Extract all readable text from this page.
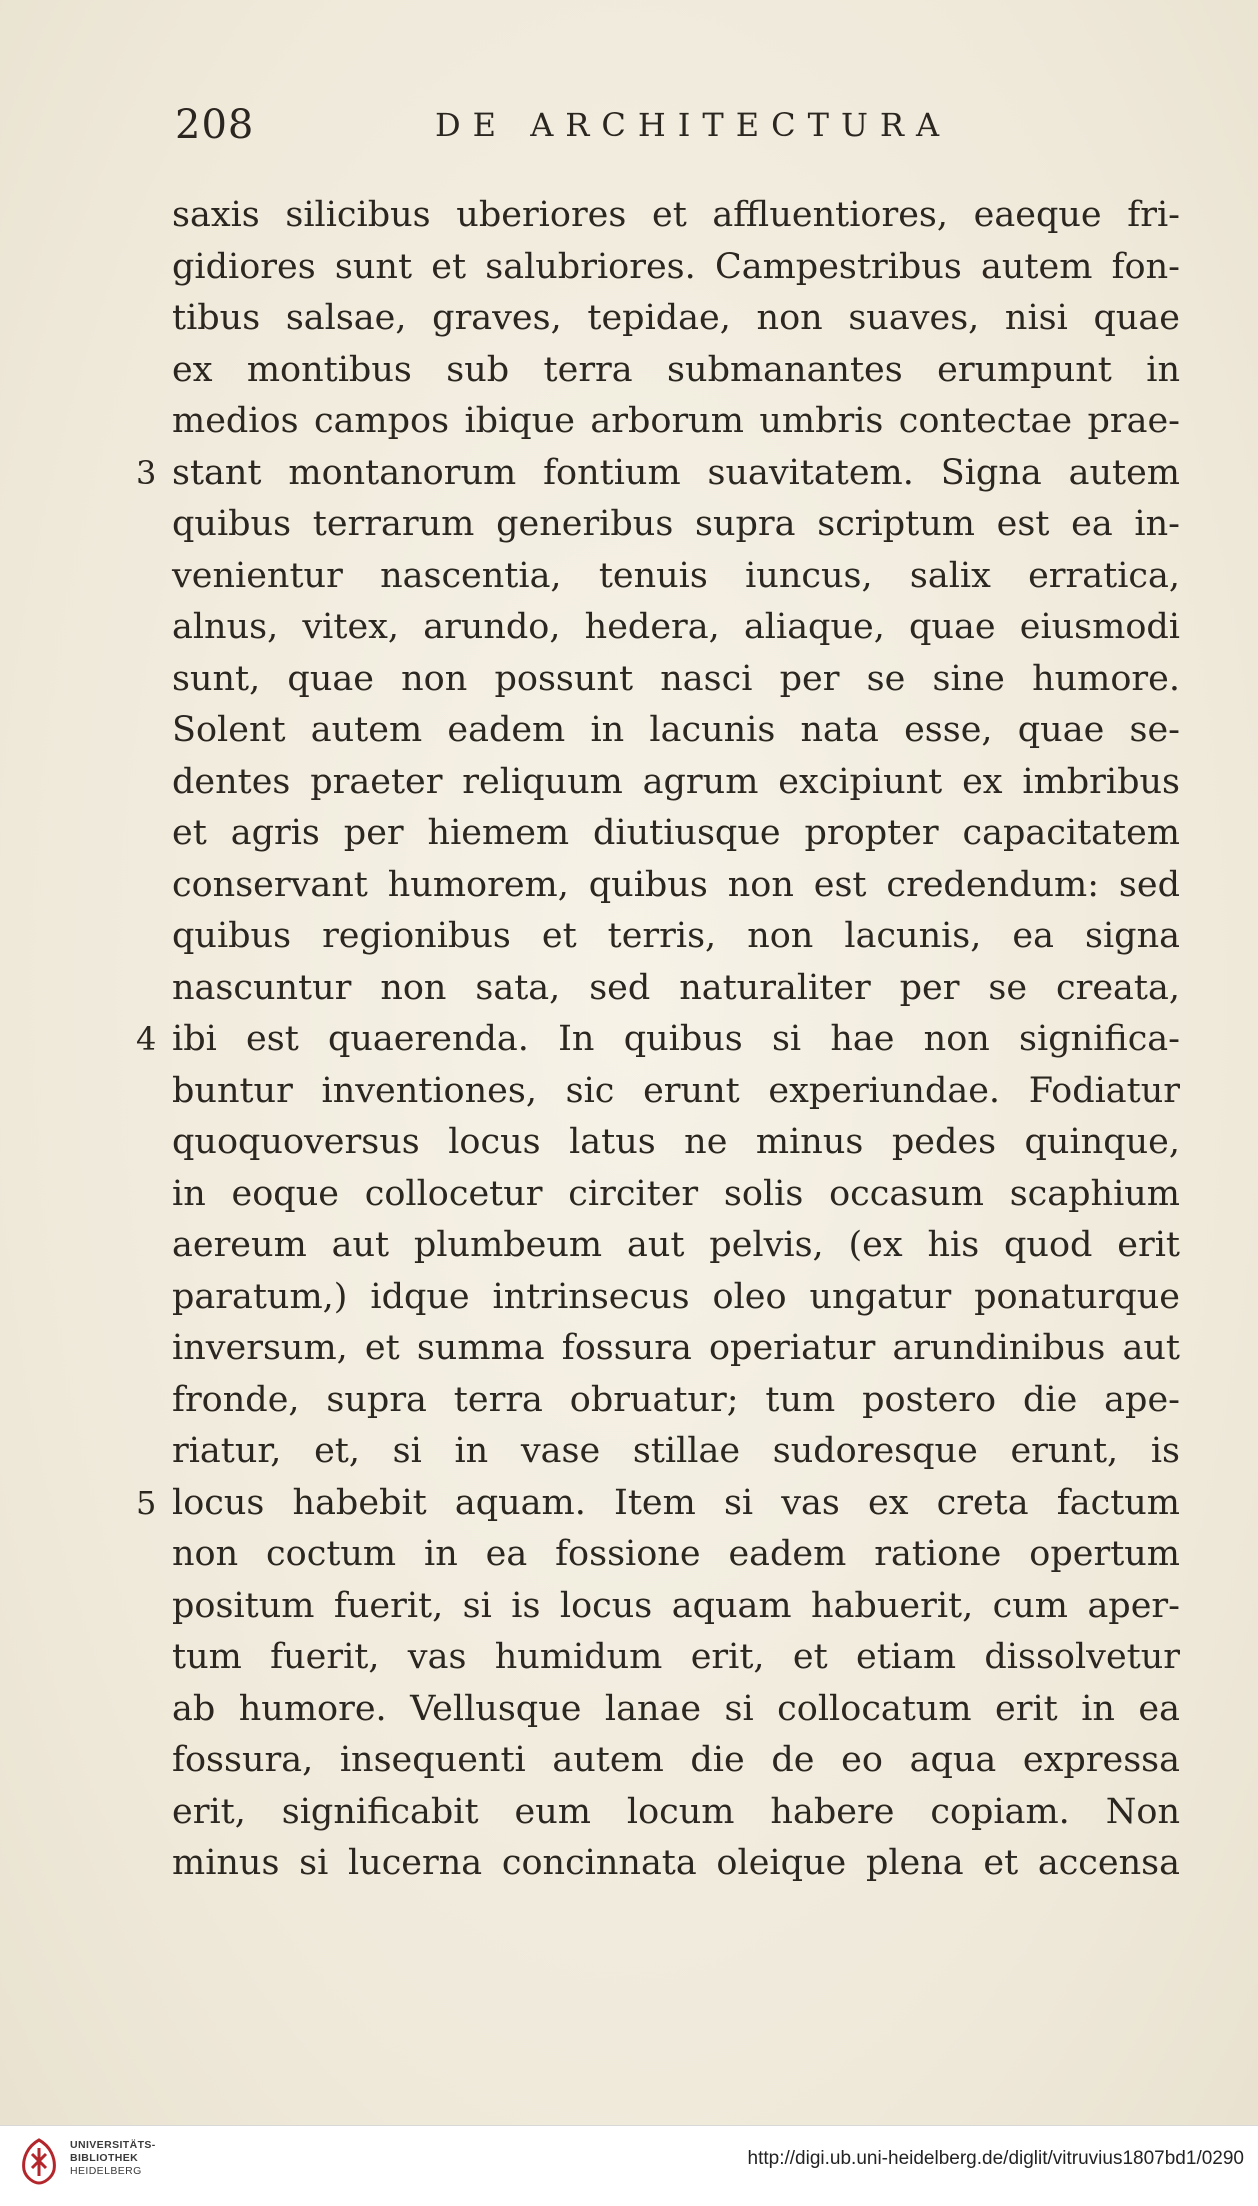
208	DE ARCHITECTURA
saxis silicibus uberiores et affluentiores, eaeque fri-
gidiores sunt et salubriores. Campestribus autem fon-
tibus salsae, graves, tepidae, non suaves, nisi quae
ex montibus sub terra submanantes erumpunt in
medios campos ibique arborum umbris contectae prae-
3 stant montanorum fontium suavitatem. Signa autem
quibus terrarum generibus supra scriptum est ea in-
venientur nascentia, tenuis iuncus, salix erratica,
alnus, vitex, arundo, hedera, aliaque, quae eiusmodi
sunt, quae non possunt nasci per se sine humore.
Solent autem eadem in lacunis nata esse, quae se-
dentes praeter reliquum agrum excipiunt ex imbribus
et agris per hiemem diutiusque propter capacitatem
conservant humorem, quibus non est credendum: sed
quibus regionibus et terris, non lacunis, ea signa
nascuntur non sata, sed naturaliter per se creata,
4 ibi est quaerenda. In quibus si hae non significa-
buntur inventiones, sic erunt experiundae. Fodiatur
quoquoversus locus latus ne minus pedes quinque,
in eoque collocetur circiter solis occasum scaphium
aereum aut plumbeum aut pelvis, (ex his quod erit
paratum,) idque intrinsecus oleo ungatur ponaturque
inversum, et summa fossura operiatur arundinibus aut
fronde, supra terra obruatur; tum postero die ape-
riatur, et, si in vase stillae sudoresque erunt, is
5 locus habebit aquam. Item si vas ex creta factum
non coctum in ea fossione eadem ratione opertum
positum fuerit, si is locus aquam habuerit, cum aper-
tum fuerit, vas humidum erit, et etiam dissolvetur
ab humore. Vellusque lanae si collocatum erit in ea
fossura, insequenti autem die de eo aqua expressa
erit, significabit eum locum habere copiam. Non
minus si lucerna concinnata oleique plena et accensa
UNIVERSITÄTS-
BIBLIOTHEK
HEIDELBERG
http://digi.ub.uni-heidelberg.de/diglit/vitruvius1807bd1/0290
